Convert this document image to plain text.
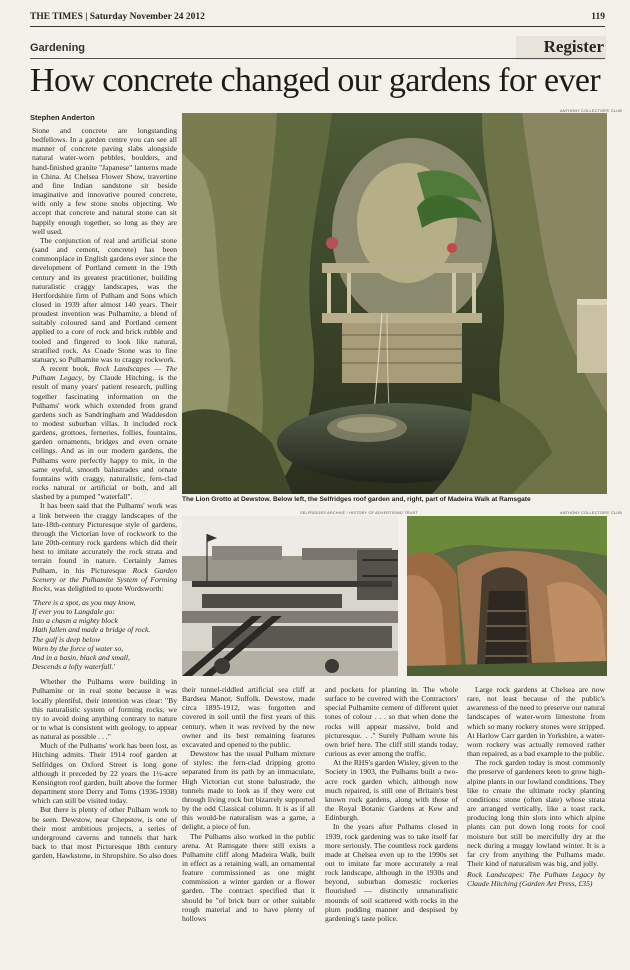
THE TIMES | Saturday November 24 2012	119
Gardening	Register
How concrete changed our gardens for ever
Stephen Anderton

Stone and concrete are longstanding bedfellows. In a garden centre you can see all manner of concrete paving slabs alongside natural water-worn pebbles, boulders, and hand-finished granite "Japanese" lanterns made in China. At Chelsea Flower Show, travertine and fine Indian sandstone sit beside imaginative and innovative poured concrete, with only a few stone snobs objecting. We accept that concrete and natural stone can sit happily enough together, so long as they are well used.

The conjunction of real and artificial stone (sand and cement, concrete) has been commonplace in English gardens ever since the development of Portland cement in the 19th century and its greatest practitioner, building naturalistic craggy landscapes, was the Hertfordshire firm of Pulham and Sons which closed in 1939 after almost 140 years. Their proudest invention was Pulhamite, a blend of suitably coloured sand and Portland cement applied to a core of rock and brick rubble and tooled and fingered to look like natural, stratified rock. As Coade Stone was to fine statuary, so Pulhamite was to craggy rockwork.

A recent book, Rock Landscapes — The Pulham Legacy, by Claude Hitching, is the result of many years' patient research, pulling together fascinating information on the Pulhams' work which extended from grand gardens such as Sandringham and Waddesdon to modest suburban villas. It included rock gardens, grottoes, ferneries, follies, fountains, garden ornaments, bridges and even ornate ceilings. And as in our modern gardens, the Pulhams were perfectly happy to mix, in the same eyeful, smooth balustrades and ornate fountains with craggy, naturalistic, fern-clad rocks natural or artificial or both, and all slashed by a pumped "waterfall".

It has been said that the Pulhams' work was a link between the craggy landscapes of the late-18th-century Picturesque style of gardens, through the Victorian love of rockwork to the late 20th-century rock gardens which did their best to imitate accurately the rock strata and terrain found in nature. Certainly James Pulham, in his Picturesque Rock Garden Scenery or the Pulhamite System of Forming Rocks, was delighted to quote Wordsworth:

'There is a spot, as you may know,
If ever you to Langdale go:
Into a chasm a mighty block
Hath fallen and made a bridge of rock.
The gulf is deep below
Worn by the force of water so,
And in a basin, black and small,
Descends a lofty waterfall.'

Whether the Pulhams were building in Pulhamite or in real stone because it was locally plentiful, their intention was clear: "By this naturalistic system of forming rocks, we try to avoid doing anything contrary to nature or to what is consistent with geology, to appear as natural as possible . . ."

Much of the Pulhams' work has been lost, as Hitching admits. Their 1914 roof garden at Selfridges on Oxford Street is long gone although it preceded by 22 years the 1½-acre Kensington roof garden, built above the former department store Derry and Toms (1936-1938) which can still be visited today.

But there is plenty of other Pulham work to be seen. Dewstow, near Chepstow, is one of their most ambitious projects, a series of underground caverns and tunnels that hark back to that most Picturesque 18th century garden, Hawkstone, in Shropshire. So also does

ANTHONY COLLECTORS' CLUB
The Lion Grotto at Dewstow. Below left, the Selfridges roof garden and, right, part of Madeira Walk at Ramsgate
SELFRIDGES ARCHIVE / HISTORY OF ADVERTISING TRUST	ANTHONY COLLECTORS' CLUB

their tunnel-riddled artificial sea cliff at Bardsea Manor, Suffolk. Dewstow, made circa 1895-1912, was forgotten and covered in soil until the first years of this century, when it was revived by the new owner and its best remaining features excavated and opened to the public.

Dewstow has the usual Pulham mixture of styles: the fern-clad dripping grotto separated from its path by an immaculate, High Victorian cut stone balustrade, the tunnels made to look as if they were cut through living rock but bizarrely supported by the odd Classical column. It is as if all this would-be naturalism was a game, a delight, a piece of fun.

The Pulhams also worked in the public arena. At Ramsgate there still exists a Pulhamite cliff along Madeira Walk, built in effect as a retaining wall, an ornamental feature commissioned as one might commission a winter garden or a flower garden. The contract specified that it should be "of brick burr or other suitable rough material and to have plenty of hollows

and pockets for planting in. The whole surface to be covered with the Contractors' special Pulhamite cement of different quiet tones of colour . . . so that when done the rocks will appear massive, bold and picturesque. . ." Surely Pulham wrote his own brief here. The cliff still stands today, curious as ever among the traffic.

At the RHS's garden Wisley, given to the Society in 1903, the Pulhams built a two-acre rock garden which, although now much repaired, is still one of Britain's best known rock gardens, along with those of the Royal Botanic Gardens at Kew and Edinburgh.

In the years after Pulhams closed in 1939, rock gardening was to take itself far more seriously. The countless rock gardens made at Chelsea even up to the 1990s set out to imitate far more accurately a real rock landscape, although in the 1930s and beyond, suburban domestic rockeries flourished — distinctly unnaturalistic mounds of soil scattered with rocks in the plum pudding manner and despised by gardening's taste police.

Large rock gardens at Chelsea are now rare, not least because of the public's awareness of the need to preserve our natural landscapes of water-worn limestone from which so many rockery stones were stripped. At Harlow Carr garden in Yorkshire, a water-worn rockery was actually removed rather than repaired, as a bad example to the public.

The rock garden today is most commonly the preserve of gardeners keen to grow high-alpine plants in our lowland conditions. They like to create the ultimate rocky planting conditions: stone (often slate) whose strata are arranged vertically, like a toast rack, producing long thin slots into which alpine plants can put down long roots for cool moisture but still be mercifully dry at the neck during a muggy lowland winter. It is a far cry from anything the Pulhams made. Their kind of naturalism was big, and jolly.

Rock Landscapes: The Pulham Legacy by Claude Hitching (Garden Art Press, £35)
